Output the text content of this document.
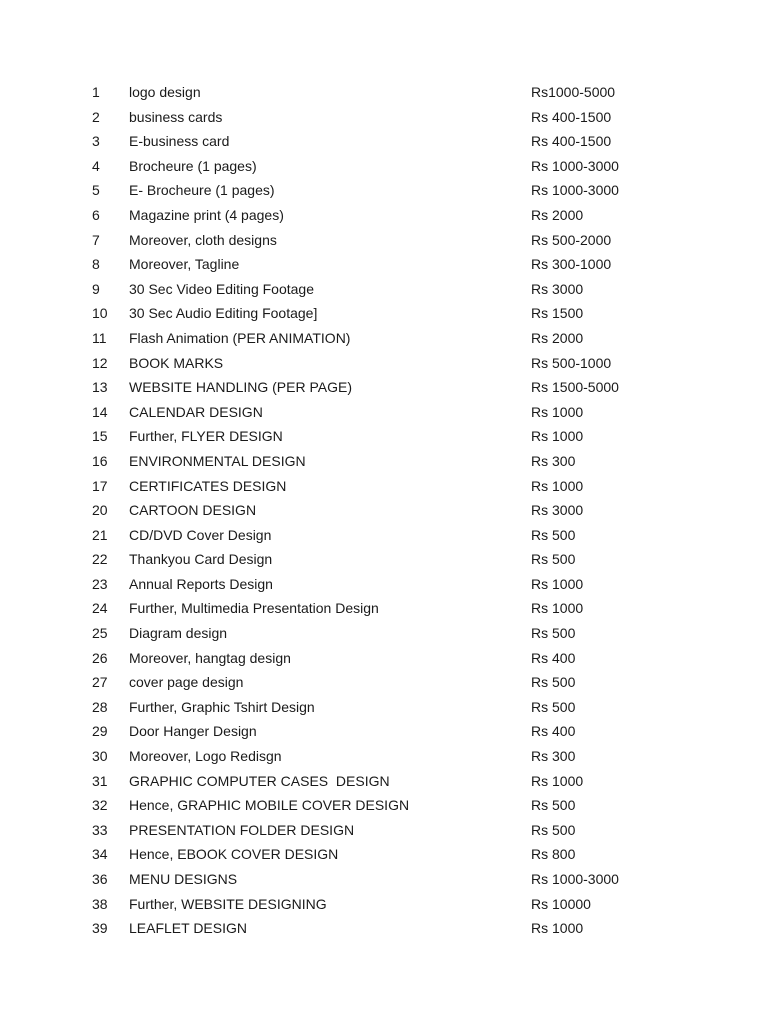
1 logo design	Rs1000-5000
2 business cards	Rs 400-1500
3 E-business card	Rs 400-1500
4 Brocheure (1 pages)	Rs 1000-3000
5 E- Brocheure (1 pages)	Rs 1000-3000
6 Magazine print (4 pages)	Rs 2000
7 Moreover, cloth designs	Rs 500-2000
8 Moreover, Tagline	Rs 300-1000
9 30 Sec Video Editing Footage	Rs 3000
10 30 Sec Audio Editing Footage]	Rs 1500
11 Flash Animation (PER ANIMATION)	Rs 2000
12 BOOK MARKS	Rs 500-1000
13 WEBSITE HANDLING (PER PAGE)	Rs 1500-5000
14 CALENDAR DESIGN	Rs 1000
15 Further, FLYER DESIGN	Rs 1000
16 ENVIRONMENTAL DESIGN	Rs 300
17 CERTIFICATES DESIGN	Rs 1000
20 CARTOON DESIGN	Rs 3000
21 CD/DVD Cover Design	Rs 500
22 Thankyou Card Design	Rs 500
23 Annual Reports Design	Rs 1000
24 Further, Multimedia Presentation Design	Rs 1000
25 Diagram design	Rs 500
26 Moreover, hangtag design	Rs 400
27 cover page design	Rs 500
28 Further, Graphic Tshirt Design	Rs 500
29 Door Hanger Design	Rs 400
30 Moreover, Logo Redisgn	Rs 300
31 GRAPHIC COMPUTER CASES  DESIGN	Rs 1000
32 Hence, GRAPHIC MOBILE COVER DESIGN	Rs 500
33 PRESENTATION FOLDER DESIGN	Rs 500
34 Hence, EBOOK COVER DESIGN	Rs 800
36 MENU DESIGNS	Rs 1000-3000
38 Further, WEBSITE DESIGNING	Rs 10000
39 LEAFLET DESIGN	Rs 1000
